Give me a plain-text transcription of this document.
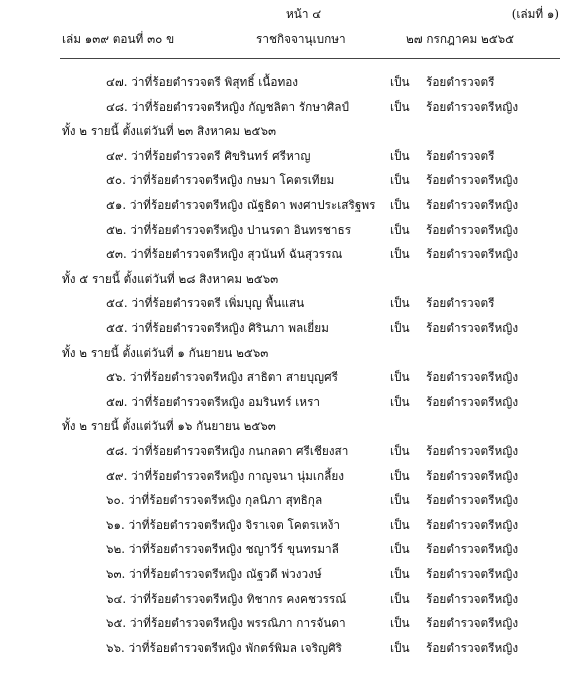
หน้า ๔	(เล่มที่ ๑)
เล่ม ๑๓๙ ตอนที่ ๓๐ ข	ราชกิจจานุเบกษา	๒๗ กรกฎาคม ๒๕๖๕
๔๗. ว่าที่ร้อยตำรวจตรี พิสุทธิ์ เนื้อทอง	เป็น ร้อยตำรวจตรี
๔๘. ว่าที่ร้อยตำรวจตรีหญิง กัญชลิตา รักษาศิลป์	เป็น ร้อยตำรวจตรีหญิง
ทั้ง ๒ รายนี้ ตั้งแต่วันที่ ๒๓ สิงหาคม ๒๕๖๓
๔๙. ว่าที่ร้อยตำรวจตรี ศิขรินทร์ ศรีหาญ	เป็น ร้อยตำรวจตรี
๕๐. ว่าที่ร้อยตำรวจตรีหญิง กษมา โคตรเทียม	เป็น ร้อยตำรวจตรีหญิง
๕๑. ว่าที่ร้อยตำรวจตรีหญิง ณัฐธิดา พงศาประเสริฐพร เป็น ร้อยตำรวจตรีหญิง
๕๒. ว่าที่ร้อยตำรวจตรีหญิง ปานรดา อินทรชาธร	เป็น ร้อยตำรวจตรีหญิง
๕๓. ว่าที่ร้อยตำรวจตรีหญิง สุวนันท์ ฉันสุวรรณ	เป็น ร้อยตำรวจตรีหญิง
ทั้ง ๕ รายนี้ ตั้งแต่วันที่ ๒๘ สิงหาคม ๒๕๖๓
๕๔. ว่าที่ร้อยตำรวจตรี เพิ่มบุญ พื้นแสน	เป็น ร้อยตำรวจตรี
๕๕. ว่าที่ร้อยตำรวจตรีหญิง ศิรินภา พลเยี่ยม	เป็น ร้อยตำรวจตรีหญิง
ทั้ง ๒ รายนี้ ตั้งแต่วันที่ ๑ กันยายน ๒๕๖๓
๕๖. ว่าที่ร้อยตำรวจตรีหญิง สาธิตา สายบุญศรี	เป็น ร้อยตำรวจตรีหญิง
๕๗. ว่าที่ร้อยตำรวจตรีหญิง อมรินทร์ เหรา	เป็น ร้อยตำรวจตรีหญิง
ทั้ง ๒ รายนี้ ตั้งแต่วันที่ ๑๖ กันยายน ๒๕๖๓
๕๘. ว่าที่ร้อยตำรวจตรีหญิง กนกลดา ศรีเชียงสา	เป็น ร้อยตำรวจตรีหญิง
๕๙. ว่าที่ร้อยตำรวจตรีหญิง กาญจนา นุ่มเกลี้ยง	เป็น ร้อยตำรวจตรีหญิง
๖๐. ว่าที่ร้อยตำรวจตรีหญิง กุลนิภา สุทธิกุล	เป็น ร้อยตำรวจตรีหญิง
๖๑. ว่าที่ร้อยตำรวจตรีหญิง จิราเจต โคตรเหง้า	เป็น ร้อยตำรวจตรีหญิง
๖๒. ว่าที่ร้อยตำรวจตรีหญิง ชญาวีร์ ขุนทรมาลี	เป็น ร้อยตำรวจตรีหญิง
๖๓. ว่าที่ร้อยตำรวจตรีหญิง ณัฐวดี พ่วงวงษ์	เป็น ร้อยตำรวจตรีหญิง
๖๔. ว่าที่ร้อยตำรวจตรีหญิง ทิชากร คงคชวรรณ์	เป็น ร้อยตำรวจตรีหญิง
๖๕. ว่าที่ร้อยตำรวจตรีหญิง พรรณิภา การจันดา	เป็น ร้อยตำรวจตรีหญิง
๖๖. ว่าที่ร้อยตำรวจตรีหญิง พักตร์พิมล เจริญศิริ	เป็น ร้อยตำรวจตรีหญิง
